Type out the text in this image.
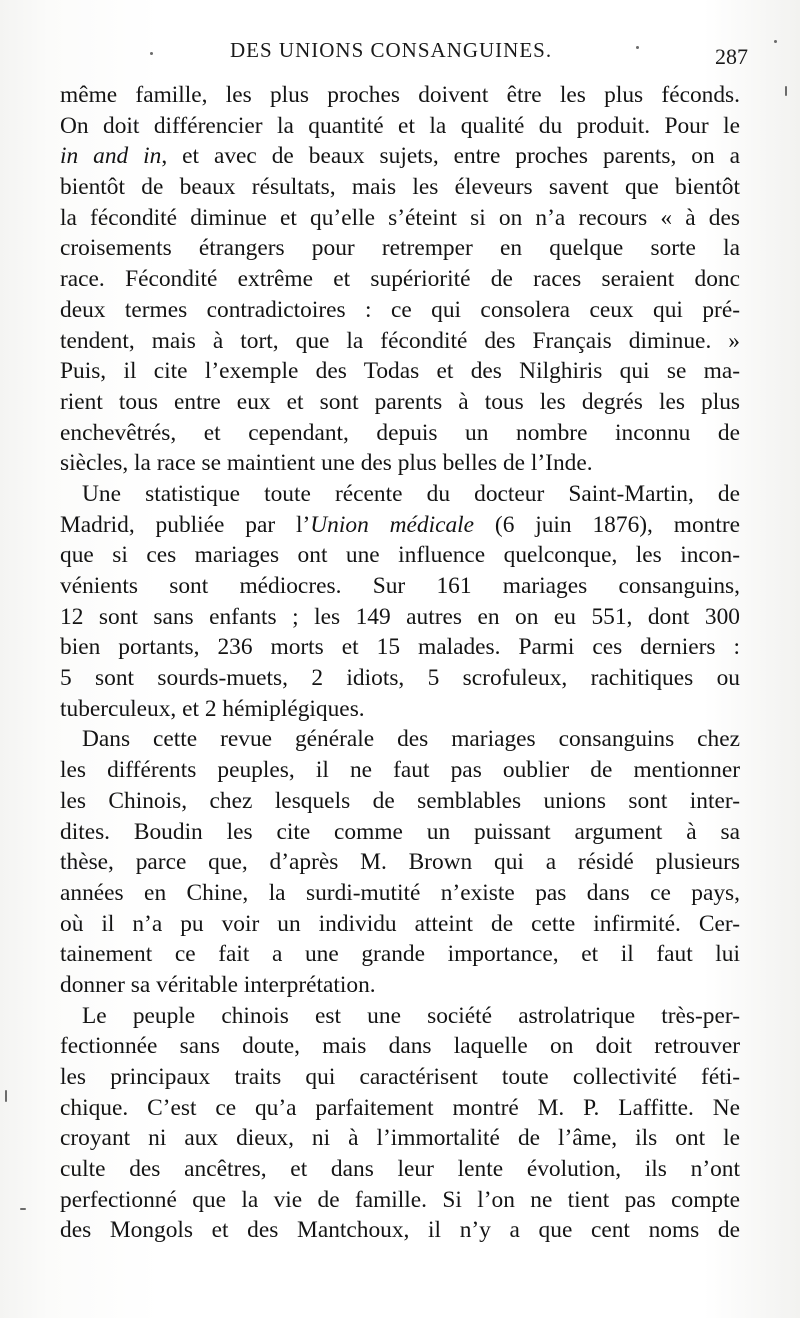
DES UNIONS CONSANGUINES.	287
même famille, les plus proches doivent être les plus féconds.
On doit différencier la quantité et la qualité du produit. Pour le
in and in, et avec de beaux sujets, entre proches parents, on a
bientôt de beaux résultats, mais les éleveurs savent que bientôt
la fécondité diminue et qu’elle s’éteint si on n’a recours « à des
croisements étrangers pour retremper en quelque sorte la
race. Fécondité extrême et supériorité de races seraient donc
deux termes contradictoires : ce qui consolera ceux qui pré-
tendent, mais à tort, que la fécondité des Français diminue. »
Puis, il cite l’exemple des Todas et des Nilghiris qui se ma-
rient tous entre eux et sont parents à tous les degrés les plus
enchevêtrés, et cependant, depuis un nombre inconnu de
siècles, la race se maintient une des plus belles de l’Inde.
Une statistique toute récente du docteur Saint-Martin, de
Madrid, publiée par l’Union médicale (6 juin 1876), montre
que si ces mariages ont une influence quelconque, les incon-
vénients sont médiocres. Sur 161 mariages consanguins,
12 sont sans enfants ; les 149 autres en on eu 551, dont 300
bien portants, 236 morts et 15 malades. Parmi ces derniers :
5 sont sourds-muets, 2 idiots, 5 scrofuleux, rachitiques ou
tuberculeux, et 2 hémiplégiques.
Dans cette revue générale des mariages consanguins chez
les différents peuples, il ne faut pas oublier de mentionner
les Chinois, chez lesquels de semblables unions sont inter-
dites. Boudin les cite comme un puissant argument à sa
thèse, parce que, d’après M. Brown qui a résidé plusieurs
années en Chine, la surdi-mutité n’existe pas dans ce pays,
où il n’a pu voir un individu atteint de cette infirmité. Cer-
tainement ce fait a une grande importance, et il faut lui
donner sa véritable interprétation.
Le peuple chinois est une société astrolatrique très-per-
fectionnée sans doute, mais dans laquelle on doit retrouver
les principaux traits qui caractérisent toute collectivité féti-
chique. C’est ce qu’a parfaitement montré M. P. Laffitte. Ne
croyant ni aux dieux, ni à l’immortalité de l’âme, ils ont le
culte des ancêtres, et dans leur lente évolution, ils n’ont
perfectionné que la vie de famille. Si l’on ne tient pas compte
des Mongols et des Mantchoux, il n’y a que cent noms de
